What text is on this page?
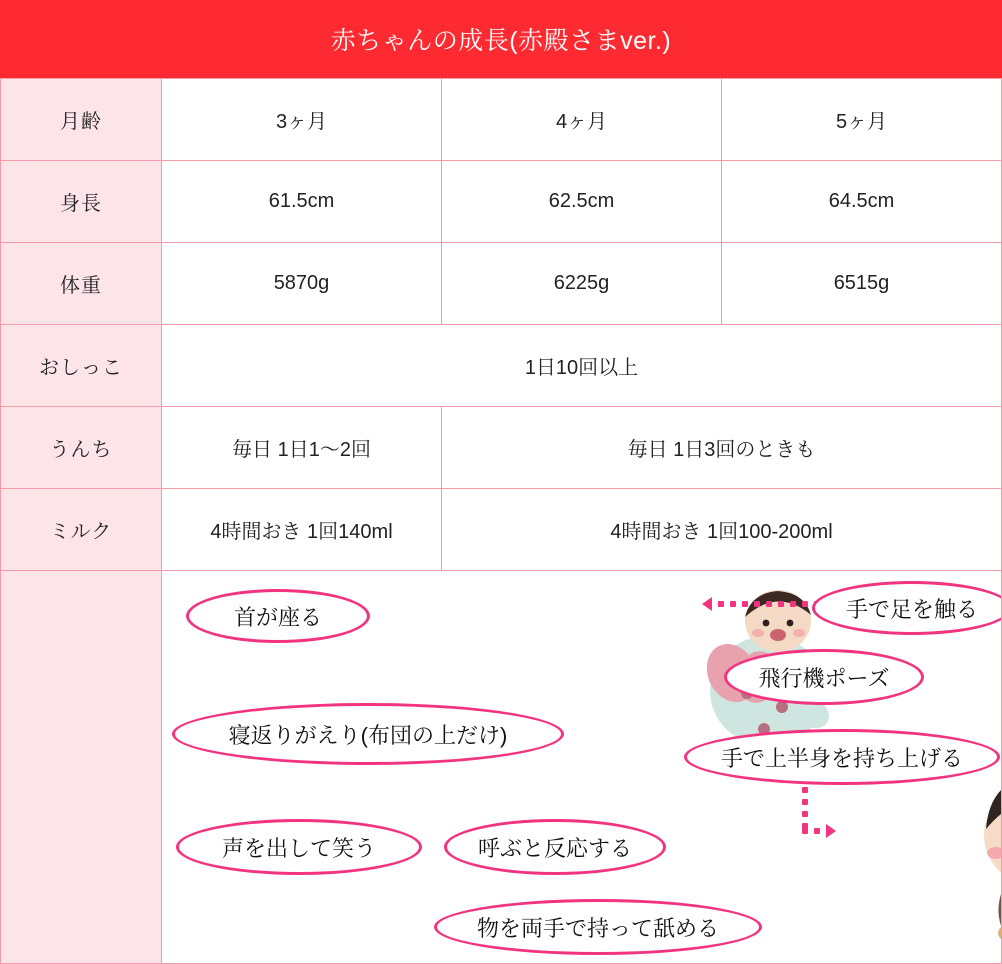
赤ちゃんの成長(赤殿さまver.)
月齢	3ヶ月	4ヶ月	5ヶ月
身長	61.5cm	62.5cm	64.5cm
体重	5870g	6225g	6515g
おしっこ	1日10回以上		
うんち	毎日 1日1〜2回	毎日 1日3回のときも	
ミルク	4時間おき 1回140ml	4時間おき 1回100-200ml	

首が座る	手で足を触る
飛行機ポーズ
寝返りがえり(布団の上だけ)
手で上半身を持ち上げる
声を出して笑う	呼ぶと反応する
物を両手で持って舐める
